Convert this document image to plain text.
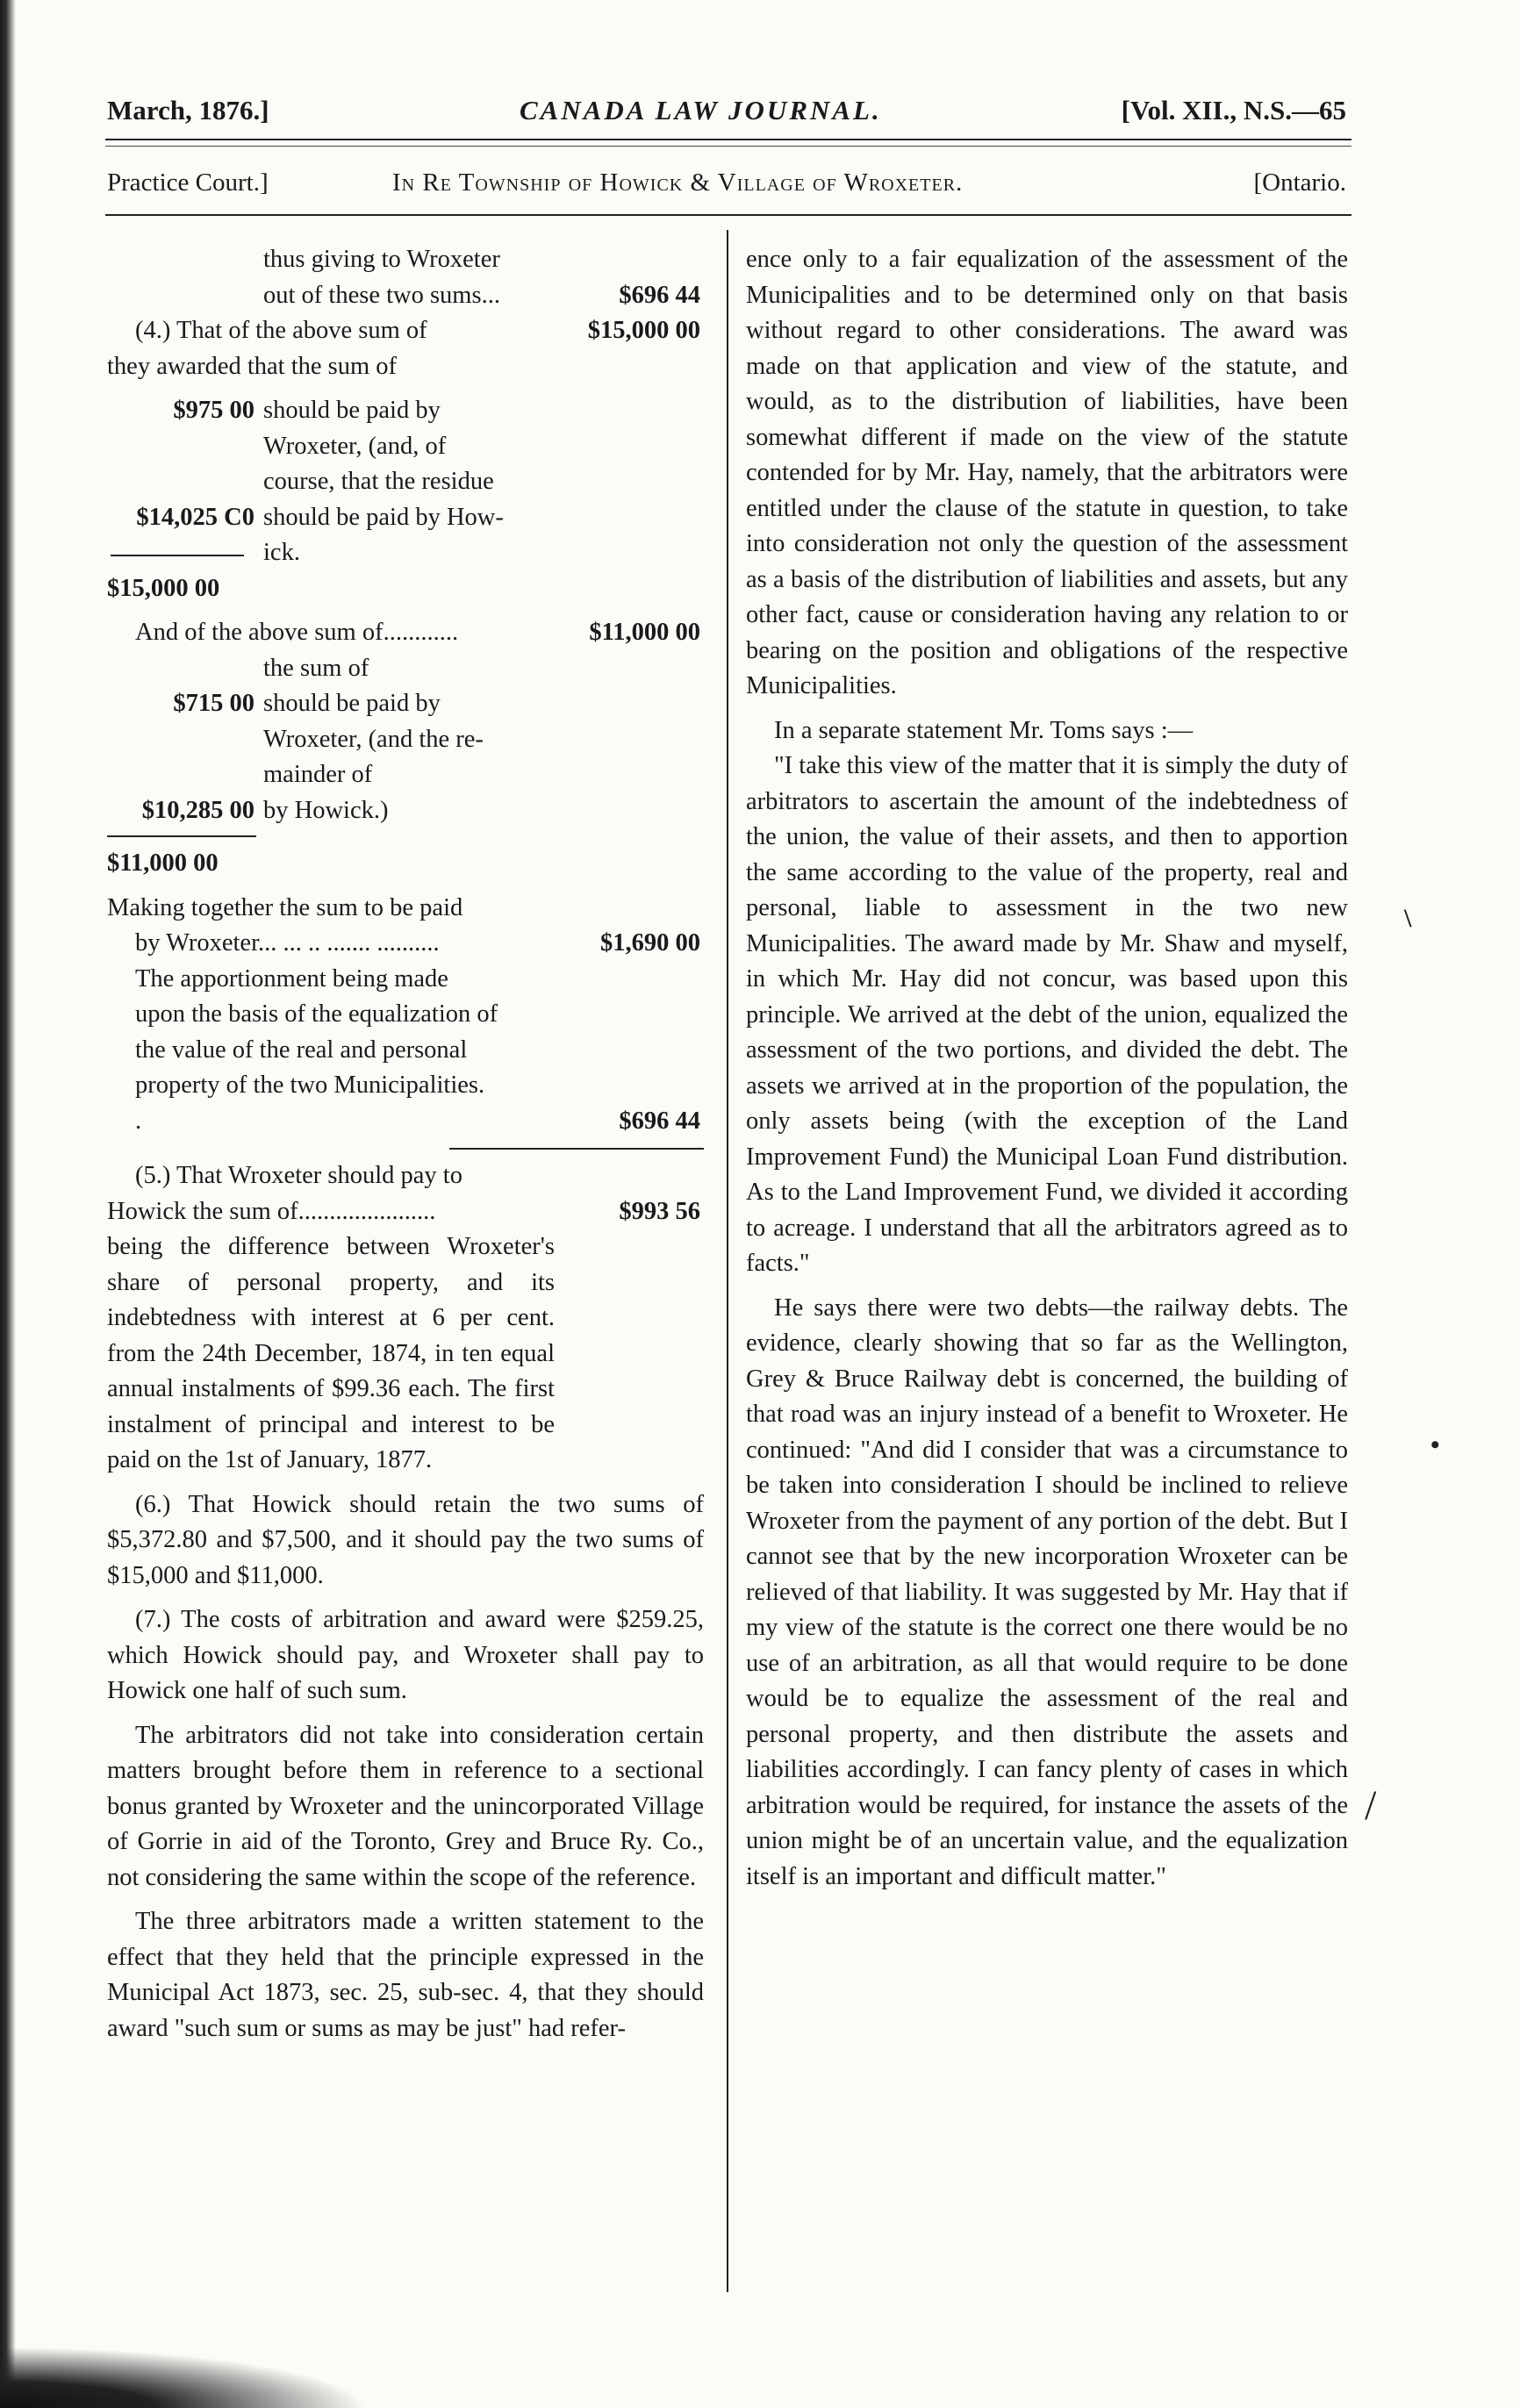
March, 1876.]	CANADA LAW JOURNAL.	[Vol. XII., N.S.—65
Practice Court.]	In Re Township of Howick & Village of Wroxeter.	[Ontario.
thus giving to Wroxeter
out of these two sums...	$696 44
(4.) That of the above sum of	$15,000 00
they awarded that the sum of
$975 00 should be paid by
Wroxeter, (and, of
course, that the residue
$14,025 C0 should be paid by How-
ick.
$15,000 00
And of the above sum of............	$11,000 00
the sum of
$715 00 should be paid by
Wroxeter, (and the re-
mainder of
$10,285 00 by Howick.)
$11,000 00
Making together the sum to be paid
by Wroxeter... ... .. ....... ..........	$1,690 00

The apportionment being made upon the basis of the equalization of the value of the real and personal property of the two Municipalities.

.	$696 44
(5.) That Wroxeter should pay to
Howick the sum of......................	$993 56

being the difference between Wroxeter's share of personal property, and its indebtedness with interest at 6 per cent. from the 24th December, 1874, in ten equal annual instalments of $99.36 each. The first instalment of principal and interest to be paid on the 1st of January, 1877.

(6.) That Howick should retain the two sums of $5,372.80 and $7,500, and it should pay the two sums of $15,000 and $11,000.

(7.) The costs of arbitration and award were $259.25, which Howick should pay, and Wroxeter shall pay to Howick one half of such sum.

The arbitrators did not take into consideration certain matters brought before them in reference to a sectional bonus granted by Wroxeter and the unincorporated Village of Gorrie in aid of the Toronto, Grey and Bruce Ry. Co., not considering the same within the scope of the reference.

The three arbitrators made a written statement to the effect that they held that the principle expressed in the Municipal Act 1873, sec. 25, sub-sec. 4, that they should award "such sum or sums as may be just" had refer-

ence only to a fair equalization of the assessment of the Municipalities and to be determined only on that basis without regard to other considerations. The award was made on that application and view of the statute, and would, as to the distribution of liabilities, have been somewhat different if made on the view of the statute contended for by Mr. Hay, namely, that the arbitrators were entitled under the clause of the statute in question, to take into consideration not only the question of the assessment as a basis of the distribution of liabilities and assets, but any other fact, cause or consideration having any relation to or bearing on the position and obligations of the respective Municipalities.

In a separate statement Mr. Toms says :—

"I take this view of the matter that it is simply the duty of arbitrators to ascertain the amount of the indebtedness of the union, the value of their assets, and then to apportion the same according to the value of the property, real and personal, liable to assessment in the two new Municipalities. The award made by Mr. Shaw and myself, in which Mr. Hay did not concur, was based upon this principle. We arrived at the debt of the union, equalized the assessment of the two portions, and divided the debt. The assets we arrived at in the proportion of the population, the only assets being (with the exception of the Land Improvement Fund) the Municipal Loan Fund distribution. As to the Land Improvement Fund, we divided it according to acreage. I understand that all the arbitrators agreed as to facts."

He says there were two debts—the railway debts. The evidence, clearly showing that so far as the Wellington, Grey & Bruce Railway debt is concerned, the building of that road was an injury instead of a benefit to Wroxeter. He continued: "And did I consider that was a circumstance to be taken into consideration I should be inclined to relieve Wroxeter from the payment of any portion of the debt. But I cannot see that by the new incorporation Wroxeter can be relieved of that liability. It was suggested by Mr. Hay that if my view of the statute is the correct one there would be no use of an arbitration, as all that would require to be done would be to equalize the assessment of the real and personal property, and then distribute the assets and liabilities accordingly. I can fancy plenty of cases in which arbitration would be required, for instance the assets of the union might be of an uncertain value, and the equalization itself is an important and difficult matter."

\
•
/
